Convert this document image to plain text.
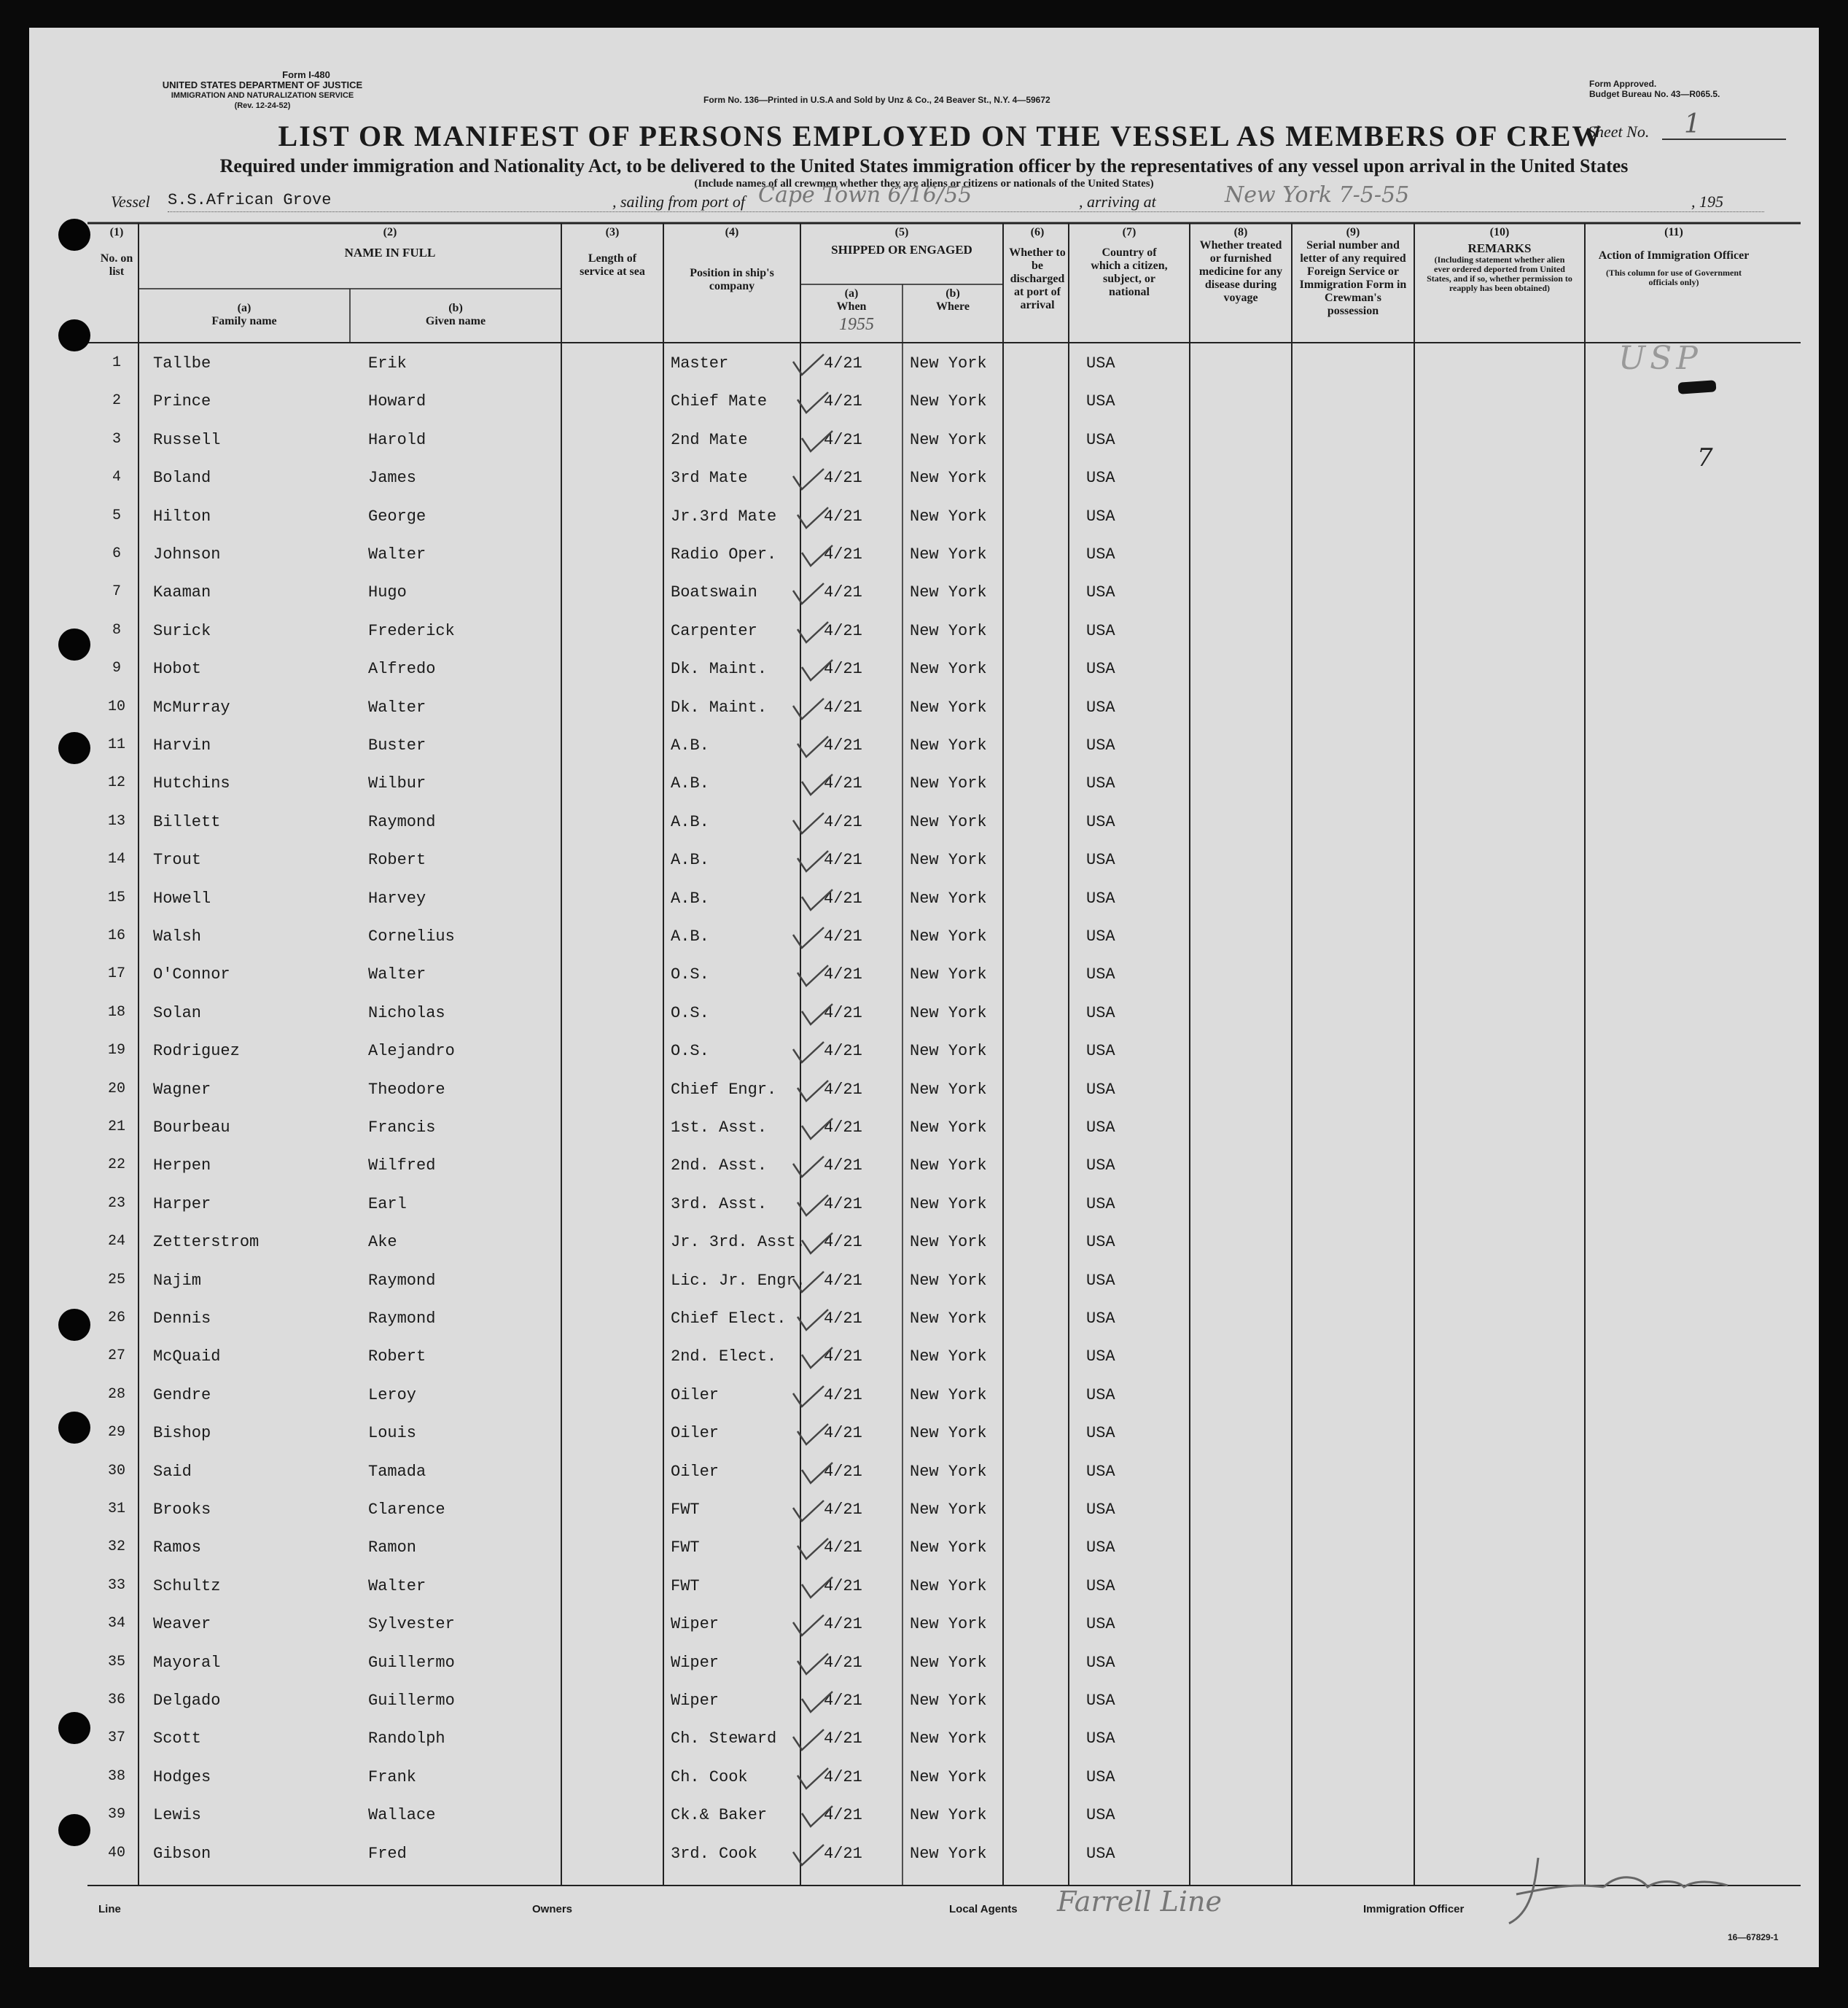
Form I-480
UNITED STATES DEPARTMENT OF JUSTICE
IMMIGRATION AND NATURALIZATION SERVICE
(Rev. 12-24-52)
Form No. 136—Printed in U.S.A and Sold by Unz & Co., 24 Beaver St., N.Y. 4—59672
Form Approved.
Budget Bureau No. 43—R065.5.
LIST OR MANIFEST OF PERSONS EMPLOYED ON THE VESSEL AS MEMBERS OF CREW
Sheet No. 1
Required under immigration and Nationality Act, to be delivered to the United States immigration officer by the representatives of any vessel upon arrival in the United States
(Include names of all crewmen whether they are aliens or citizens or nationals of the United States)
Vessel S.S.African Grove	, sailing from port of Cape Town 6/16/55	, arriving at	New York 7-5-55	, 195
(1)
No. on list
(2)
NAME IN FULL
(a)
Family name
(b)
Given name
(3)
Length of service at sea
(4)
Position in ship's company
(5)
SHIPPED OR ENGAGED
(a)
When
(b)
Where
1955
(6)
Whether to be discharged at port of arrival
(7)
Country of which a citizen, subject, or national
(8)
Whether treated or furnished medicine for any disease during voyage
(9)
Serial number and letter of any required Foreign Service or Immigration Form in Crewman's possession
(10)
REMARKS
(Including statement whether alien ever ordered deported from United States, and if so, whether permission to reapply has been obtained)
(11)
Action of Immigration Officer
(This column for use of Government officials only)
1	Tallbe	Erik	Master	4/21	New York	USA
2	Prince	Howard	Chief Mate	4/21	New York	USA
3	Russell	Harold	2nd Mate	4/21	New York	USA
4	Boland	James	3rd Mate	4/21	New York	USA
5	Hilton	George	Jr.3rd Mate	4/21	New York	USA
6	Johnson	Walter	Radio Oper.	4/21	New York	USA
7	Kaaman	Hugo	Boatswain	4/21	New York	USA
8	Surick	Frederick	Carpenter	4/21	New York	USA
9	Hobot	Alfredo	Dk. Maint.	4/21	New York	USA
10	McMurray	Walter	Dk. Maint.	4/21	New York	USA
11	Harvin	Buster	A.B.	4/21	New York	USA
12	Hutchins	Wilbur	A.B.	4/21	New York	USA
13	Billett	Raymond	A.B.	4/21	New York	USA
14	Trout	Robert	A.B.	4/21	New York	USA
15	Howell	Harvey	A.B.	4/21	New York	USA
16	Walsh	Cornelius	A.B.	4/21	New York	USA
17	O'Connor	Walter	O.S.	4/21	New York	USA
18	Solan	Nicholas	O.S.	4/21	New York	USA
19	Rodriguez	Alejandro	O.S.	4/21	New York	USA
20	Wagner	Theodore	Chief Engr.	4/21	New York	USA
21	Bourbeau	Francis	1st. Asst.	4/21	New York	USA
22	Herpen	Wilfred	2nd. Asst.	4/21	New York	USA
23	Harper	Earl	3rd. Asst.	4/21	New York	USA
24	Zetterstrom	Ake	Jr. 3rd. Asst. 4/21	New York	USA
25	Najim	Raymond	Lic. Jr. Engr. 4/21	New York	USA
26	Dennis	Raymond	Chief Elect. 4/21	New York	USA
27	McQuaid	Robert	2nd. Elect.	4/21	New York	USA
28	Gendre	Leroy	Oiler	4/21	New York	USA
29	Bishop	Louis	Oiler	4/21	New York	USA
30	Said	Tamada	Oiler	4/21	New York	USA
31	Brooks	Clarence	FWT	4/21	New York	USA
32	Ramos	Ramon	FWT	4/21	New York	USA
33	Schultz	Walter	FWT	4/21	New York	USA
34	Weaver	Sylvester	Wiper	4/21	New York	USA
35	Mayoral	Guillermo	Wiper	4/21	New York	USA
36	Delgado	Guillermo	Wiper	4/21	New York	USA
37	Scott	Randolph	Ch. Steward	4/21	New York	USA
38	Hodges	Frank	Ch. Cook	4/21	New York	USA
39	Lewis	Wallace	Ck.& Baker	4/21	New York	USA
40	Gibson	Fred	3rd. Cook	4/21	New York	USA
USP
7
Line	Owners	Local Agents Farrell Line	Immigration Officer
16—67829-1
